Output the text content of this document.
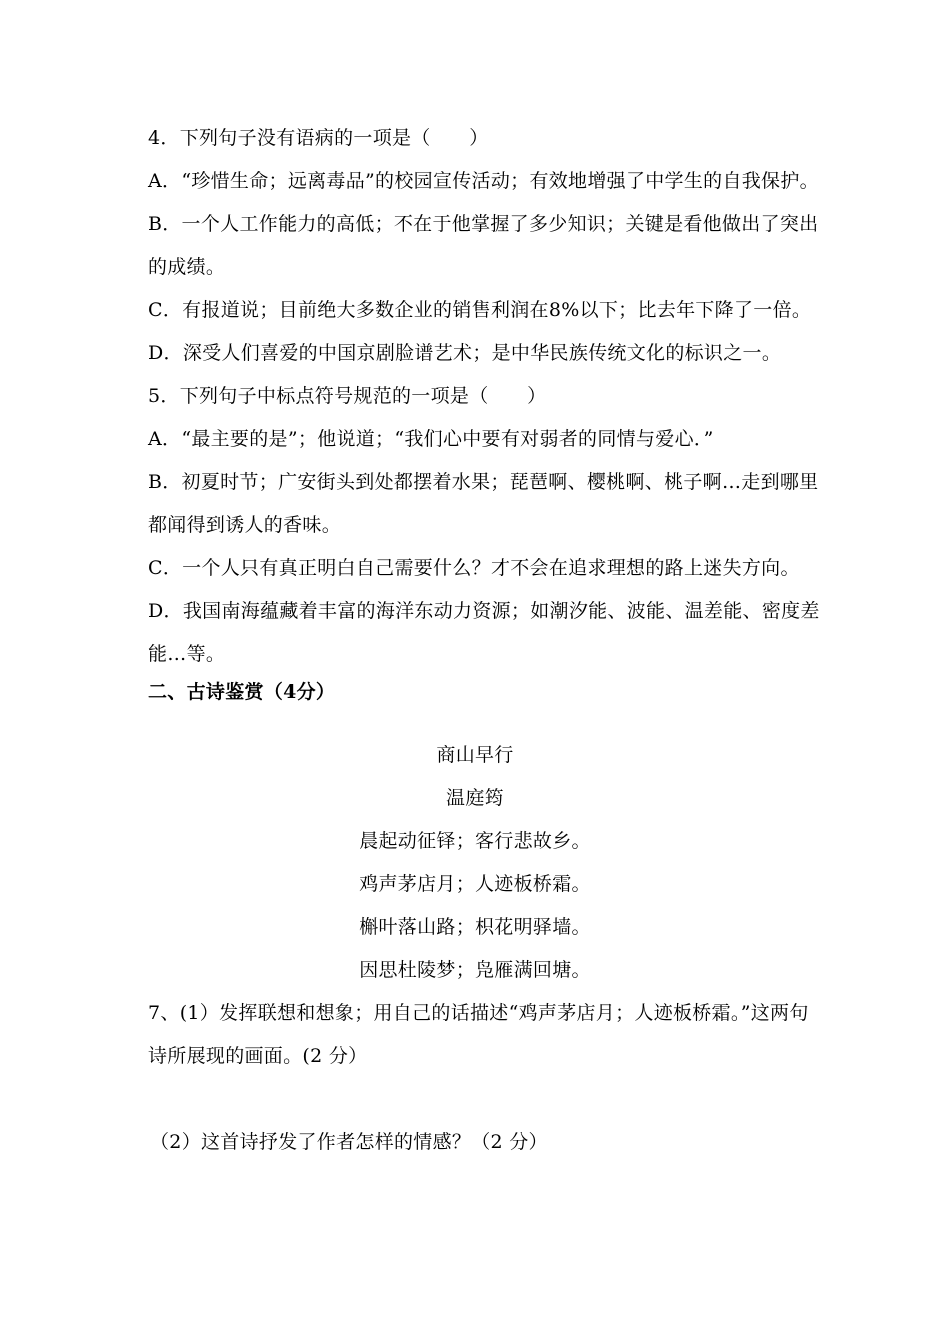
4．下列句子没有语病的一项是（　　）
A．“珍惜生命；远离毒品”的校园宣传活动；有效地增强了中学生的自我保护。
B．一个人工作能力的高低；不在于他掌握了多少知识；关键是看他做出了突出
的成绩。
C．有报道说；目前绝大多数企业的销售利润在8%以下；比去年下降了一倍。
D．深受人们喜爱的中国京剧脸谱艺术；是中华民族传统文化的标识之一。
5．下列句子中标点符号规范的一项是（　　）
A．“最主要的是”；他说道；“我们心中要有对弱者的同情与爱心．”
B．初夏时节；广安街头到处都摆着水果；琵琶啊、樱桃啊、桃子啊…走到哪里
都闻得到诱人的香味。
C．一个人只有真正明白自己需要什么？才不会在追求理想的路上迷失方向。
D．我国南海蕴藏着丰富的海洋东动力资源；如潮汐能、波能、温差能、密度差
能…等。
二、古诗鉴赏（4分）
商山早行
温庭筠
晨起动征铎；客行悲故乡。
鸡声茅店月；人迹板桥霜。
槲叶落山路；枳花明驿墙。
因思杜陵梦；凫雁满回塘。
7、(1）发挥联想和想象；用自己的话描述“鸡声茅店月；人迹板桥霜。”这两句
诗所展现的画面。(2 分）
（2）这首诗抒发了作者怎样的情感？（2 分）
